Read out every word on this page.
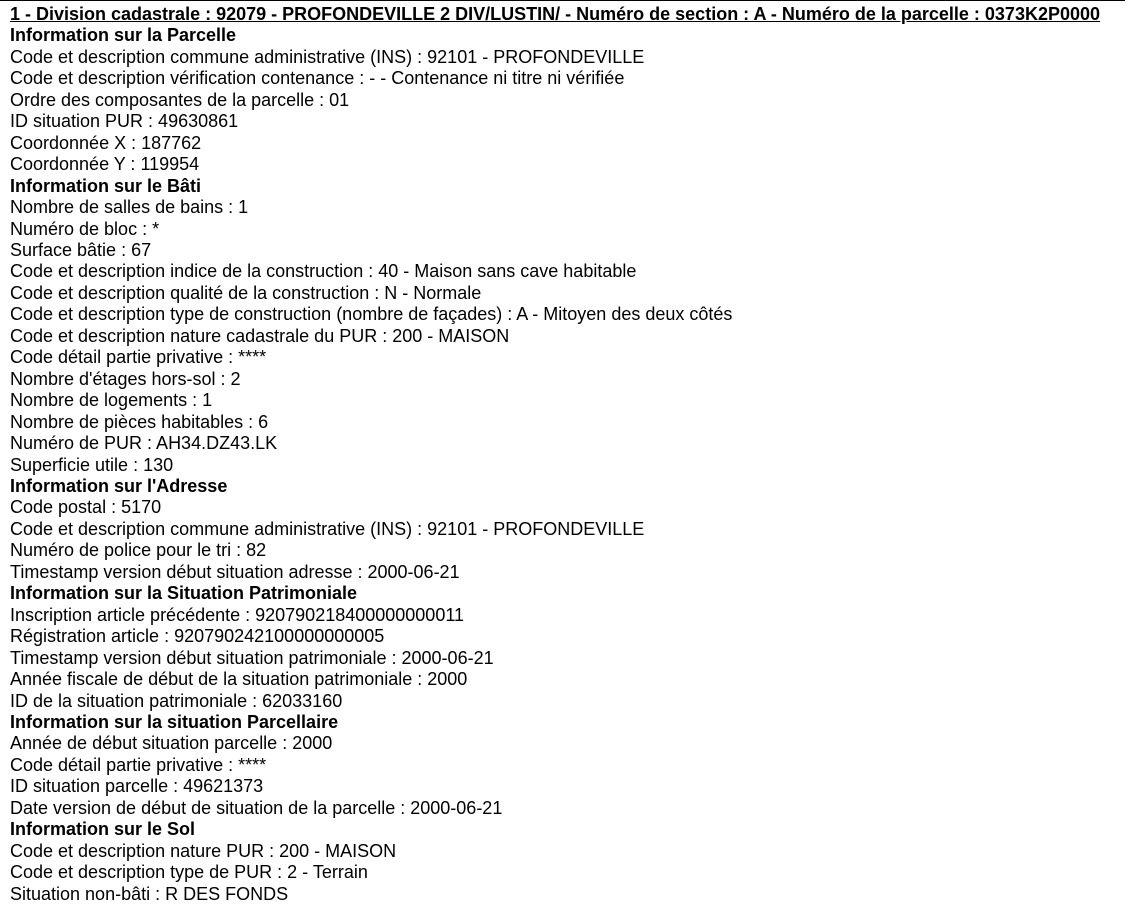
1 - Division cadastrale : 92079 - PROFONDEVILLE 2 DIV/LUSTIN/ - Numéro de section : A - Numéro de la parcelle : 0373K2P0000
Information sur la Parcelle
Code et description commune administrative (INS) : 92101 - PROFONDEVILLE
Code et description vérification contenance : - - Contenance ni titre ni vérifiée
Ordre des composantes de la parcelle : 01
ID situation PUR : 49630861
Coordonnée X : 187762
Coordonnée Y : 119954
Information sur le Bâti
Nombre de salles de bains : 1
Numéro de bloc : *
Surface bâtie : 67
Code et description indice de la construction : 40 - Maison sans cave habitable
Code et description qualité de la construction : N - Normale
Code et description type de construction (nombre de façades) : A - Mitoyen des deux côtés
Code et description nature cadastrale du PUR : 200 - MAISON
Code détail partie privative : ****
Nombre d'étages hors-sol : 2
Nombre de logements : 1
Nombre de pièces habitables : 6
Numéro de PUR : AH34.DZ43.LK
Superficie utile : 130
Information sur l'Adresse
Code postal : 5170
Code et description commune administrative (INS) : 92101 - PROFONDEVILLE
Numéro de police pour le tri : 82
Timestamp version début situation adresse : 2000-06-21
Information sur la Situation Patrimoniale
Inscription article précédente : 920790218400000000011
Régistration article : 920790242100000000005
Timestamp version début situation patrimoniale : 2000-06-21
Année fiscale de début de la situation patrimoniale : 2000
ID de la situation patrimoniale : 62033160
Information sur la situation Parcellaire
Année de début situation parcelle : 2000
Code détail partie privative : ****
ID situation parcelle : 49621373
Date version de début de situation de la parcelle : 2000-06-21
Information sur le Sol
Code et description nature PUR : 200 - MAISON
Code et description type de PUR : 2 - Terrain
Situation non-bâti : R DES FONDS
